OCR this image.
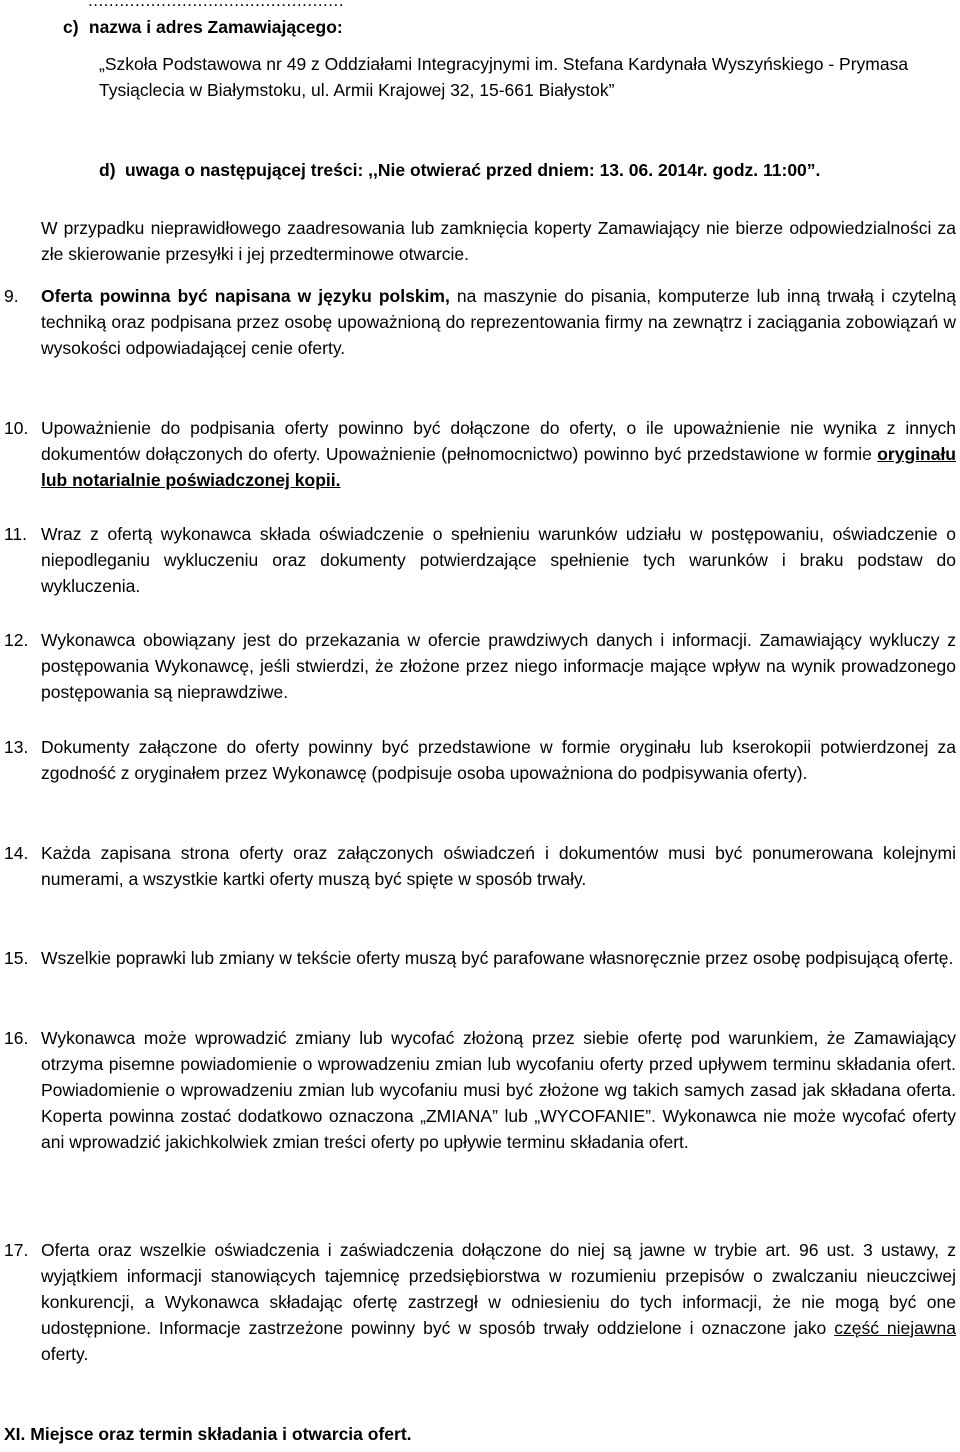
.................................................
c) nazwa i adres Zamawiającego:
„Szkoła Podstawowa nr 49 z Oddziałami Integracyjnymi im. Stefana Kardynała Wyszyńskiego - Prymasa Tysiąclecia w Białymstoku, ul. Armii Krajowej 32, 15-661 Białystok”
d) uwaga o następującej treści: ,,Nie otwierać przed dniem: 13. 06. 2014r. godz. 11:00”.
W przypadku nieprawidłowego zaadresowania lub zamknięcia koperty Zamawiający nie bierze odpowiedzialności za złe skierowanie przesyłki i jej przedterminowe otwarcie.
9.	Oferta powinna być napisana w języku polskim, na maszynie do pisania, komputerze lub inną trwałą i czytelną techniką oraz podpisana przez osobę upoważnioną do reprezentowania firmy na zewnątrz i zaciągania zobowiązań w wysokości odpowiadającej cenie oferty.
10. Upoważnienie do podpisania oferty powinno być dołączone do oferty, o ile upoważnienie nie wynika z innych dokumentów dołączonych do oferty. Upoważnienie (pełnomocnictwo) powinno być przedstawione w formie oryginału lub notarialnie poświadczonej kopii.
11. Wraz z ofertą wykonawca składa oświadczenie o spełnieniu warunków udziału w postępowaniu, oświadczenie o niepodleganiu wykluczeniu oraz dokumenty potwierdzające spełnienie tych warunków i braku podstaw do wykluczenia.
12. Wykonawca obowiązany jest do przekazania w ofercie prawdziwych danych i informacji. Zamawiający wykluczy z postępowania Wykonawcę, jeśli stwierdzi, że złożone przez niego informacje mające wpływ na wynik prowadzonego postępowania są nieprawdziwe.
13. Dokumenty załączone do oferty powinny być przedstawione w formie oryginału lub kserokopii potwierdzonej za zgodność z oryginałem przez Wykonawcę (podpisuje osoba upoważniona do podpisywania oferty).
14. Każda zapisana strona oferty oraz załączonych oświadczeń i dokumentów musi być ponumerowana kolejnymi numerami, a wszystkie kartki oferty muszą być spięte w sposób trwały.
15. Wszelkie poprawki lub zmiany w tekście oferty muszą być parafowane własnoręcznie przez osobę podpisującą ofertę.
16. Wykonawca może wprowadzić zmiany lub wycofać złożoną przez siebie ofertę pod warunkiem, że Zamawiający otrzyma pisemne powiadomienie o wprowadzeniu zmian lub wycofaniu oferty przed upływem terminu składania ofert. Powiadomienie o wprowadzeniu zmian lub wycofaniu musi być złożone wg takich samych zasad jak składana oferta. Koperta powinna zostać dodatkowo oznaczona „ZMIANA” lub „WYCOFANIE”. Wykonawca nie może wycofać oferty ani wprowadzić jakichkolwiek zmian treści oferty po upływie terminu składania ofert.
17. Oferta oraz wszelkie oświadczenia i zaświadczenia dołączone do niej są jawne w trybie art. 96 ust. 3 ustawy, z wyjątkiem informacji stanowiących tajemnicę przedsiębiorstwa w rozumieniu przepisów o zwalczaniu nieuczciwej konkurencji, a Wykonawca składając ofertę zastrzegł w odniesieniu do tych informacji, że nie mogą być one udostępnione. Informacje zastrzeżone powinny być w sposób trwały oddzielone i oznaczone jako część niejawna oferty.
XI. Miejsce oraz termin składania i otwarcia ofert.
